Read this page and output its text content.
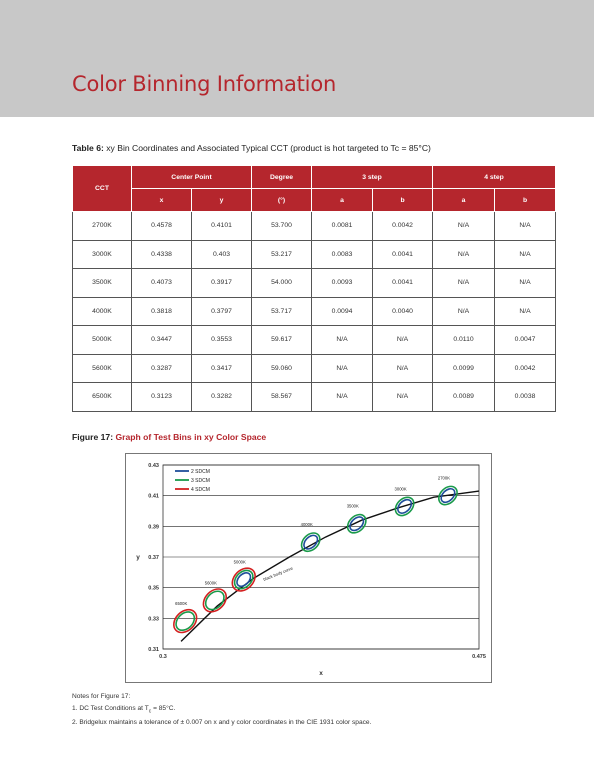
Color Binning Information
Table 6: xy Bin Coordinates and Associated Typical CCT (product is hot targeted to Tc = 85°C)
CCT	Center Point		Degree	3 step		4 step	
	x	y	(°)	a	b	a	b
2700K	0.4578	0.4101	53.700	0.0081	0.0042	N/A	N/A
3000K	0.4338	0.403	53.217	0.0083	0.0041	N/A	N/A
3500K	0.4073	0.3917	54.000	0.0093	0.0041	N/A	N/A
4000K	0.3818	0.3797	53.717	0.0094	0.0040	N/A	N/A
5000K	0.3447	0.3553	59.617	N/A	N/A	0.0110	0.0047
5600K	0.3287	0.3417	59.060	N/A	N/A	0.0099	0.0042
6500K	0.3123	0.3282	58.567	N/A	N/A	0.0089	0.0038
Figure 17: Graph of Test Bins in xy Color Space
0.43
0.41
0.39
0.37
0.35
0.33
0.31
0.3	0.475
x
y
black body curve
2700K
3000K
3500K
4000K
5000K
5600K
6500K
2 SDCM
3 SDCM
4 SDCM
Notes for Figure 17:
1. DC Test Conditions at $T_c = 85^\circ C$.
2. Bridgelux maintains a tolerance of ± 0.007 on x and y color coordinates in the CIE 1931 color space.
